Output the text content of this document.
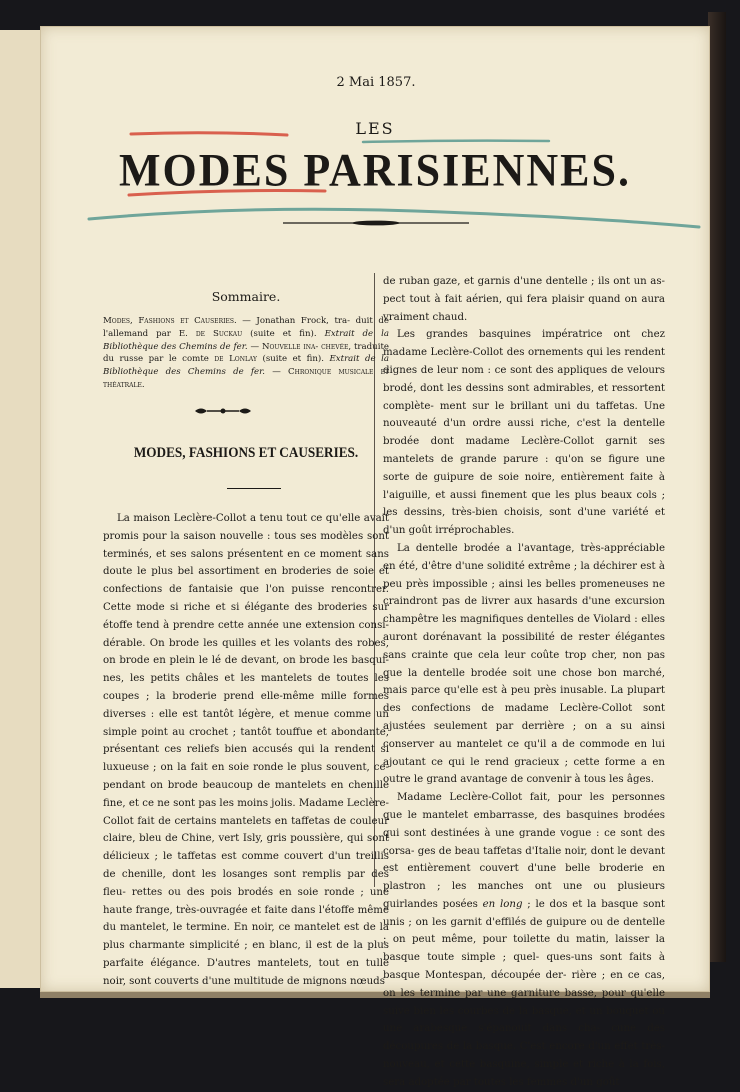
2 Mai 1857.

LES

MODES PARISIENNES.

Sommaire.

Modes, Fashions et Causeries. — Jonathan Frock, tra- duit de l'allemand par E. de Suckau (suite et fin). Extrait de la Bibliothèque des Chemins de fer. — Nouvelle ina- chevée, traduite du russe par le comte de Lonlay (suite et fin). Extrait de la Bibliothèque des Chemins de fer. — Chronique musicale et théatrale.

MODES, FASHIONS ET CAUSERIES.

La maison Leclère-Collot a tenu tout ce qu'elle avait promis pour la saison nouvelle : tous ses modèles sont terminés, et ses salons présentent en ce moment sans doute le plus bel assortiment en broderies de soie et confections de fantaisie que l'on puisse rencontrer. Cette mode si riche et si élégante des broderies sur étoffe tend à prendre cette année une extension consi- dérable. On brode les quilles et les volants des robes, on brode en plein le lé de devant, on brode les basqui- nes, les petits châles et les mantelets de toutes les coupes ; la broderie prend elle-même mille formes diverses : elle est tantôt légère, et menue comme un simple point au crochet ; tantôt touffue et abondante, présentant ces reliefs bien accusés qui la rendent si luxueuse ; on la fait en soie ronde le plus souvent, ce- pendant on brode beaucoup de mantelets en chenille fine, et ce ne sont pas les moins jolis. Madame Leclère- Collot fait de certains mantelets en taffetas de couleur claire, bleu de Chine, vert Isly, gris poussière, qui sont délicieux ; le taffetas est comme couvert d'un treillis de chenille, dont les losanges sont remplis par des fleu- rettes ou des pois brodés en soie ronde ; une haute frange, très-ouvragée et faite dans l'étoffe même du mantelet, le termine. En noir, ce mantelet est de la plus charmante simplicité ; en blanc, il est de la plus parfaite élégance. D'autres mantelets, tout en tulle noir, sont couverts d'une multitude de mignons nœuds

de ruban gaze, et garnis d'une dentelle ; ils ont un as- pect tout à fait aérien, qui fera plaisir quand on aura vraiment chaud.

Les grandes basquines impératrice ont chez madame Leclère-Collot des ornements qui les rendent dignes de leur nom : ce sont des appliques de velours brodé, dont les dessins sont admirables, et ressortent complète- ment sur le brillant uni du taffetas. Une nouveauté d'un ordre aussi riche, c'est la dentelle brodée dont madame Leclère-Collot garnit ses mantelets de grande parure : qu'on se figure une sorte de guipure de soie noire, entièrement faite à l'aiguille, et aussi finement que les plus beaux cols ; les dessins, très-bien choisis, sont d'une variété et d'un goût irréprochables.

La dentelle brodée a l'avantage, très-appréciable en été, d'être d'une solidité extrême ; la déchirer est à peu près impossible ; ainsi les belles promeneuses ne craindront pas de livrer aux hasards d'une excursion champêtre les magnifiques dentelles de Violard : elles auront dorénavant la possibilité de rester élégantes sans crainte que cela leur coûte trop cher, non pas que la dentelle brodée soit une chose bon marché, mais parce qu'elle est à peu près inusable. La plupart des confections de madame Leclère-Collot sont ajustées seulement par derrière ; on a su ainsi conserver au mantelet ce qu'il a de commode en lui ajoutant ce qui le rend gracieux ; cette forme a en outre le grand avantage de convenir à tous les âges.

Madame Leclère-Collot fait, pour les personnes que le mantelet embarrasse, des basquines brodées qui sont destinées à une grande vogue : ce sont des corsa- ges de beau taffetas d'Italie noir, dont le devant est entièrement couvert d'une belle broderie en plastron ; les manches ont une ou plusieurs guirlandes posées en long ; le dos et la basque sont unis ; on les garnit d'effilés de guipure ou de dentelle ; on peut même, pour toilette du matin, laisser la basque toute simple ; quel- ques-uns sont faits à basque Montespan, découpée der- rière ; en ce cas, on les termine par une garniture basse, pour qu'elle suive bien les courbes de la basque, et un bouquet ou une arabesque s'épanouit dans cha- cune des découpures de la basque. C'est encore d'un effet très-nouveau, et cette basquine, simple et riche à la fois, sera adoptée par toutes les femmes d'un goût
